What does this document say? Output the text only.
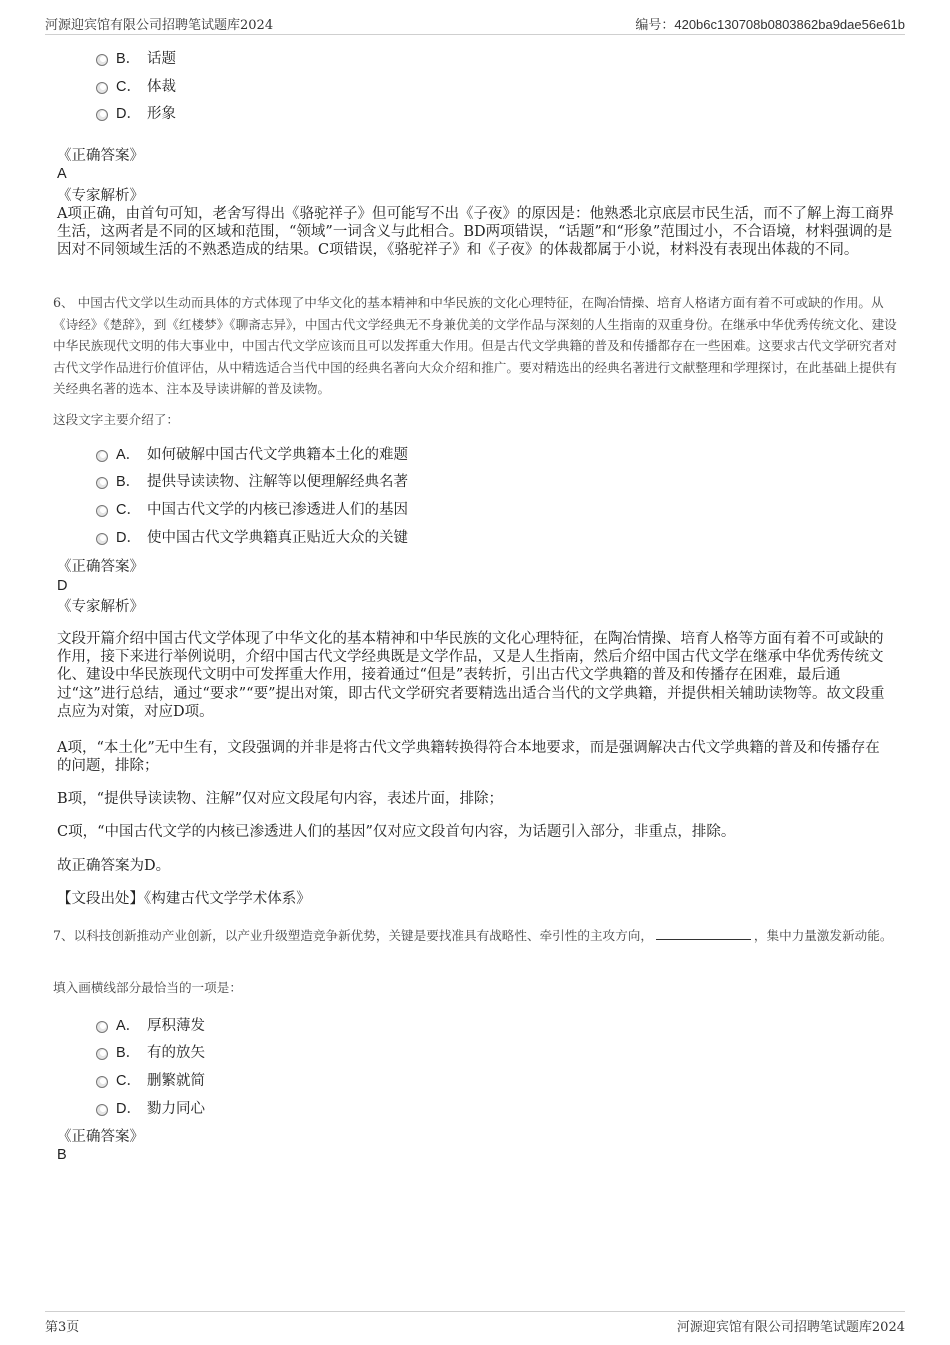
河源迎宾馆有限公司招聘笔试题库2024	编号：420b6c130708b0803862ba9dae56e61b
B． 话题
C． 体裁
D． 形象
《正确答案》
A
《专家解析》
A项正确，由首句可知，老舍写得出《骆驼祥子》但可能写不出《子夜》的原因是：他熟悉北京底层市民生活，而不了解上海工商界生活，这两者是不同的区域和范围，“领域”一词含义与此相合。BD两项错误，“话题”和“形象”范围过小，不合语境，材料强调的是因对不同领域生活的不熟悉造成的结果。C项错误，《骆驼祥子》和《子夜》的体裁都属于小说，材料没有表现出体裁的不同。
6、 中国古代文学以生动而具体的方式体现了中华文化的基本精神和中华民族的文化心理特征，在陶冶情操、培育人格诸方面有着不可或缺的作用。从《诗经》《楚辞》，到《红楼梦》《聊斋志异》，中国古代文学经典无不身兼优美的文学作品与深刻的人生指南的双重身份。在继承中华优秀传统文化、建设中华民族现代文明的伟大事业中，中国古代文学应该而且可以发挥重大作用。但是古代文学典籍的普及和传播都存在一些困难。这要求古代文学研究者对古代文学作品进行价值评估，从中精选适合当代中国的经典名著向大众介绍和推广。要对精选出的经典名著进行文献整理和学理探讨，在此基础上提供有关经典名著的选本、注本及导读讲解的普及读物。
这段文字主要介绍了：
A． 如何破解中国古代文学典籍本土化的难题
B． 提供导读读物、注解等以便理解经典名著
C． 中国古代文学的内核已渗透进人们的基因
D． 使中国古代文学典籍真正贴近大众的关键
《正确答案》
D
《专家解析》
文段开篇介绍中国古代文学体现了中华文化的基本精神和中华民族的文化心理特征，在陶冶情操、培育人格等方面有着不可或缺的作用，接下来进行举例说明，介绍中国古代文学经典既是文学作品，又是人生指南，然后介绍中国古代文学在继承中华优秀传统文化、建设中华民族现代文明中可发挥重大作用，接着通过“但是”表转折，引出古代文学典籍的普及和传播存在困难，最后通过“这”进行总结，通过“要求”“要”提出对策，即古代文学研究者要精选出适合当代的文学典籍，并提供相关辅助读物等。故文段重点应为对策，对应D项。
A项，“本土化”无中生有，文段强调的并非是将古代文学典籍转换得符合本地要求，而是强调解决古代文学典籍的普及和传播存在的问题，排除；
B项，“提供导读读物、注解”仅对应文段尾句内容，表述片面，排除；
C项，“中国古代文学的内核已渗透进人们的基因”仅对应文段首句内容，为话题引入部分，非重点，排除。
故正确答案为D。
【文段出处】《构建古代文学学术体系》
7、以科技创新推动产业创新，以产业升级塑造竞争新优势，关键是要找准具有战略性、牵引性的主攻方向，	，集中力量激发新动能。
填入画横线部分最恰当的一项是：
A． 厚积薄发
B． 有的放矢
C． 删繁就简
D． 勠力同心
《正确答案》
B
第3页	河源迎宾馆有限公司招聘笔试题库2024
